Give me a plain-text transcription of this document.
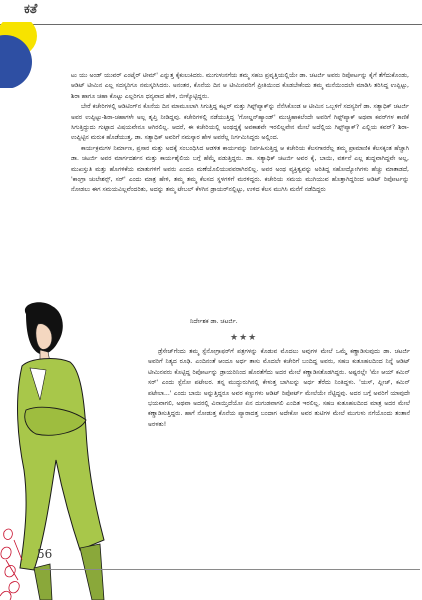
ಕತೆ

ಟು ಯು ಅಂಡ್ ಯುವರ್ ಎಂಟೈರ್ ಟೀಮ್' ಎನ್ನುತ್ತ ಕೈಕುಲುಕಿದರು. ಮುಗುಳುನಗೆಯ ತಮ್ಮ ಸಹಜ ಪ್ರವೃತ್ತಿಯಲ್ಲಿಯೇ ಡಾ. ಚಟರ್ಜಿ ಅವರು ರಿಪೋರ್ಟನ್ನು ಕೈಗೆ ತೆಗೆದುಕೊಂಡು, ಆಡಿಟ್ ಟೀಮಿನ ಎಲ್ಲ ಸದಸ್ಯರಿಗೂ ನಮಸ್ಕರಿಸಿದರು. ಅನಂತರ, ಕೊನೆಯ ದಿನ ಆ ಟೀಮಿನವರಿಗೆ ಪ್ರೀತಿಯಿಂದ ಕೊಡಬೇಕೆಂದು ತಮ್ಮ ಮನೆಯಿಂದಲೇ ಮಾಡಿಸಿ ತರಿಸಿದ್ದ ಉಪ್ಪಿಟ್ಟು, ಶಿರಾ ಹಾಗೂ ಚಹಾ ಕೊಟ್ಟು ಎಲ್ಲರಿಗೂ ಧನ್ಯವಾದ ಹೇಳಿ, ಬೀಳ್ಕೊಟ್ಟಿದ್ದರು.

ಬೇರೆ ಕಚೇರಿಗಳಲ್ಲಿ ಆಡಿಟಿಂಗ್‌ನ ಕೊನೆಯ ದಿನ ಮಾಮೂಲಾಗಿ ಸಿಗುತ್ತಿದ್ದ ಕಟ್ಲರ್ ಮತ್ತು ಗಿಫ್ಟ್‌ಪ್ಯಾಕ್‌ನ್ನು ನೆನೆಸಿಕೊಂಡ ಆ ಟೀಮಿನ ಒಬ್ಬಳಿಗೆ ಸದಸ್ಯರಿಗೆ ಡಾ. ಸತ್ಯಾಧಿಕ್ ಚಟರ್ಜಿ ಅವರ ಉಪ್ಪಿಟ್ಟು-ಶಿರಾ-ಚಹಾಗಳೇ ಅಲ್ಲ ತೃಪ್ತಿ ನೀಡಿದ್ದವು. ಕಚೇರಿಗಳಲ್ಲಿ ನಡೆಯುತ್ತಿದ್ದ 'ಗೋಲ್ಡನ್‌ಹ್ಯಾಂಡ್' ಮುಚ್ಚಿಹಾಕಲೆಂದೇ ಅವರಿಗೆ ಗಿಫ್ಟ್‌ಪ್ಯಾಕ್ ಅಥವಾ ಕವರ್‌ಗಳ ಕಾಣಿಕೆ ಸಿಗುತ್ತಿದ್ದುದು ಗುಟ್ಟಾದ ವಿಷಯವೇನೂ ಆಗಿರಲಿಲ್ಲ. ಆದರೆ, ಈ ಕಚೇರಿಯಲ್ಲಿ ಅಂಥದ್ದಕ್ಕೆ ಅವಕಾಶವೇ ಇರಲಿಲ್ಲವೇನ ಮೇಲೆ ಅದೆಲ್ಲಿಯ ಗಿಫ್ಟ್‌ಪ್ಯಾಕ್? ಎಲ್ಲಿಯ ಕವರ್? ಶಿರಾ-ಉಪ್ಪಿಟ್ಟಿನ ಮರುಕ ಹೊಡೆಯುತ್ತ, ಡಾ. ಸತ್ಯಾಧಿಕ್ ಅವರಿಗೆ ನಮಸ್ಕಾರ ಹೇಳ ಅವರೆಲ್ಲ ನಿರ್ಗಮಿಸಿದ್ದರು ಅಲ್ಲಿಂದ.

ಕಾರ್ಯಕ್ರಮಗಳ ನಿರ್ಮಾಣ, ಪ್ರಸಾರ ಮತ್ತು ಅದಕ್ಕೆ ಸಂಬಂಧಿಸಿದ ಆಡಳಿತ ಕಾರ್ಯವನ್ನು ನಿರ್ವಹಿಸುತ್ತಿದ್ದ ಆ ಕಚೇರಿಯ ಕೆಲಸಗಾರರೆಲ್ಲ ತಮ್ಮ ಪ್ರಾಮಾಣಿಕ ಕೆಲಸಕ್ಕಂತ ಹೆಚ್ಚಾಗಿ ಡಾ. ಚಟರ್ಜಿ ಅವರ ಮಾರ್ಗದರ್ಶನ ಮತ್ತು ಕಾರ್ಯಶೈಲಿಯ ಬಗ್ಗೆ ಹೆಮ್ಮೆ ಪಡುತ್ತಿದ್ದರು. ಡಾ. ಸತ್ಯಾಧಿಕ್ ಚಟರ್ಜಿ ಅವರ ಕೈ, ಬಾಯಿ, ವರ್ತನೆ ಎಲ್ಲ ಶುದ್ಧವಾಗಿದ್ದವೇ ಅಲ್ಲ, ಮುಖಸ್ತುತಿ ಮತ್ತು ಹೊಗಳಿಕೆಯ ಮಾತುಗಳಿಗೆ ಅವರು ಎಂದೂ ಮಣೆಯೊಲಿಯುವವರಾಗಿರಲಿಲ್ಲ. ಅವರ ಅಂಥ ವ್ಯಕ್ತಿತ್ವವನ್ನು ಅರಿತಿದ್ದ ಸಹೋದ್ಯೋಗಿಗಳು ಹೆಚ್ಚು ಮಾತಾಡದೆ, 'ಕಾಂಗ್ರಾ ಚುಲೇಶನ್ಸ್, ಸರ್' ಎಂದು ಮಾತ್ರ ಹೇಳಿ, ತಮ್ಮ ತಮ್ಮ ಕೆಲಸದ ಸ್ಥಳಗಳಿಗೆ ಮರಳಿದ್ದರು. ಕಚೇರಿಯ ಸಮಯ ಮುಗಿಯುವ ಹೊತ್ತಾಗಿದ್ದರಿಂದ ಆಡಿಟ್ ರಿಪೋರ್ಟನ್ನು ನೋಡಲು ಈಗ ಸಮಯವಿಲ್ಲವೆಂದರಿತು, ಅದನ್ನು ತಮ್ಮ ಟೇಬಲ್ ಕೆಳಗಿನ ಡ್ರಾಯರ್‌ನಲ್ಲಿಟ್ಟು, ಉಳಿದ ಕೆಲಸ ಮುಗಿಸಿ ಮನೆಗೆ ನಡೆದಿದ್ದರು

ನಿರ್ದೇಶಕ ಡಾ. ಚಟರ್ಜಿ.
★★★

ಡ್ರೆಸೇಜ್‌ಗೆಂದು ತಮ್ಮ ಸ್ಟೆನೋಗ್ರಾಫರ್‌ಗೆ ಪತ್ರಗಳನ್ನು ಕೊಡುವ ಮೊದಲು ಅವುಗಳ ಮೇಲೆ ಒಮ್ಮೆ ಕಣ್ಣಾಡಿಸುವುದು ಡಾ. ಚಟರ್ಜಿ ಅವರಿಗೆ ನಿತ್ಯದ ರೂಢಿ. ಎಂದಿನಂತೆ ಆಂದೂ ಅರ್ಧ ತಾಸು ಮೊದಲೇ ಕಚೇರಿಗೆ ಬಂದಿದ್ದ ಅವರು, ಸಹಜ ಕುತೂಹಲದಿಂದ ನಿನ್ನೆ ಆಡಿಟ್ ಟೀಮಿನವರು ಕೊಟ್ಟಿದ್ದ ರಿಪೋರ್ಟನ್ನು ಡ್ರಾಯರಿನಿಂದ ಹೊರತೆಗೆದು ಅದರ ಮೇಲೆ ಕಣ್ಣಾಡಿಸತೊಡಗಿದ್ದರು. ಅಷ್ಟರಲ್ಲೇ 'ಮೇ ಆಯ್ ಕಮಿನ್ ಸರ್' ಎಂದು ಸ್ಟೆನೋ ಪಟೇಲರ. ತನ್ನ ಮುದ್ದುರುಗಿನಲ್ಲಿ ಕೇಳುತ್ತ ಬಾಗಿಲನ್ನು ಅರ್ಧ ತೆರೆದು ನಿಂತಿದ್ದಳು. 'ಯಸ್, ಪ್ಲೀಜ್, ಕಮಿನ್ ಪಟೇಲಾ...' ಎಂದು ಬಾಯಿ ಅನ್ನುತ್ತಿದ್ದರೂ ಅವರ ಕಣ್ಣುಗಳು ಆಡಿಟ್ ರಿಪೋರ್ಟ್ ಮೇಲೆಯೇ ನೆಟ್ಟಿದ್ದವು. ಅದರ ಬಗ್ಗೆ ಅವರಿಗೆ ಯಾವುದೇ ಭಯವಾಗಲಿ, ಅಥವಾ ಅದರಲ್ಲಿ ವಿನಾಯ್ತಿದೆಯೋ ಏನ ದುಗುಡವಾಗಲಿ ಎಂದಿತ ಇರಲಿಲ್ಲ. ಸಹಜ ಕುತೂಹಲದಿಂದ ಮಾತ್ರ ಅದರ ಮೇಲೆ ಕಣ್ಣಾಡಿಸುತ್ತಿದ್ದರು. ಹಾಗೆ ನೋಡುತ್ತ ಕೊನೆಯ ಪ್ಯಾರಾದತ್ತ ಬಂದಾಗ ಅದೇಕೋ ಅವರ ತುಟಿಗಳ ಮೇಲೆ ಮುಗುಳು ನಗೆಯೊಂದು ತಂತಾನೆ ಅರಳತು!

56
